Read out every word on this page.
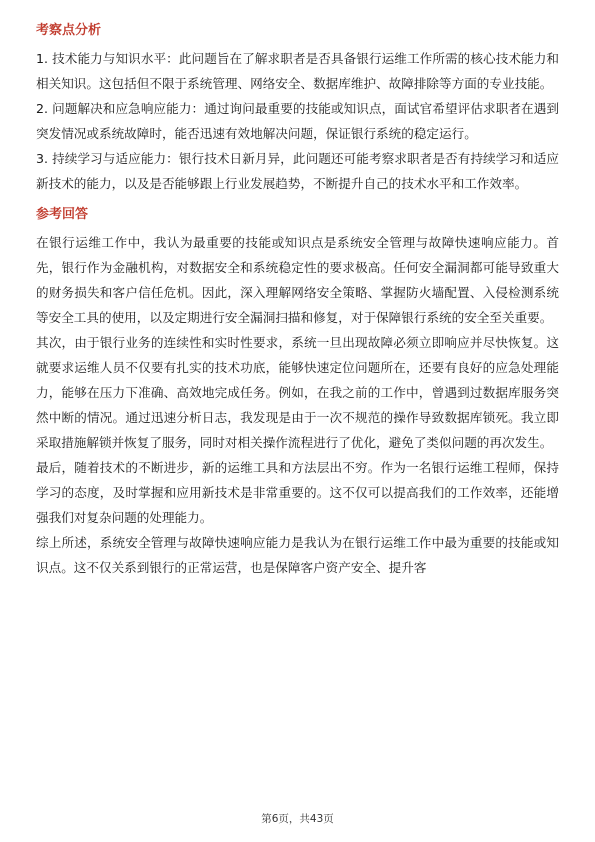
考察点分析

1. 技术能力与知识水平：此问题旨在了解求职者是否具备银行运维工作所需的核心技术能力和相关知识。这包括但不限于系统管理、网络安全、数据库维护、故障排除等方面的专业技能。

2. 问题解决和应急响应能力：通过询问最重要的技能或知识点，面试官希望评估求职者在遇到突发情况或系统故障时，能否迅速有效地解决问题，保证银行系统的稳定运行。

3. 持续学习与适应能力：银行技术日新月异，此问题还可能考察求职者是否有持续学习和适应新技术的能力，以及是否能够跟上行业发展趋势，不断提升自己的技术水平和工作效率。

参考回答

在银行运维工作中，我认为最重要的技能或知识点是系统安全管理与故障快速响应能力。首先，银行作为金融机构，对数据安全和系统稳定性的要求极高。任何安全漏洞都可能导致重大的财务损失和客户信任危机。因此，深入理解网络安全策略、掌握防火墙配置、入侵检测系统等安全工具的使用，以及定期进行安全漏洞扫描和修复，对于保障银行系统的安全至关重要。

其次，由于银行业务的连续性和实时性要求，系统一旦出现故障必须立即响应并尽快恢复。这就要求运维人员不仅要有扎实的技术功底，能够快速定位问题所在，还要有良好的应急处理能力，能够在压力下准确、高效地完成任务。例如，在我之前的工作中，曾遇到过数据库服务突然中断的情况。通过迅速分析日志，我发现是由于一次不规范的操作导致数据库锁死。我立即采取措施解锁并恢复了服务，同时对相关操作流程进行了优化，避免了类似问题的再次发生。

最后，随着技术的不断进步，新的运维工具和方法层出不穷。作为一名银行运维工程师，保持学习的态度，及时掌握和应用新技术是非常重要的。这不仅可以提高我们的工作效率，还能增强我们对复杂问题的处理能力。

综上所述，系统安全管理与故障快速响应能力是我认为在银行运维工作中最为重要的技能或知识点。这不仅关系到银行的正常运营，也是保障客户资产安全、提升客

第6页，共43页
